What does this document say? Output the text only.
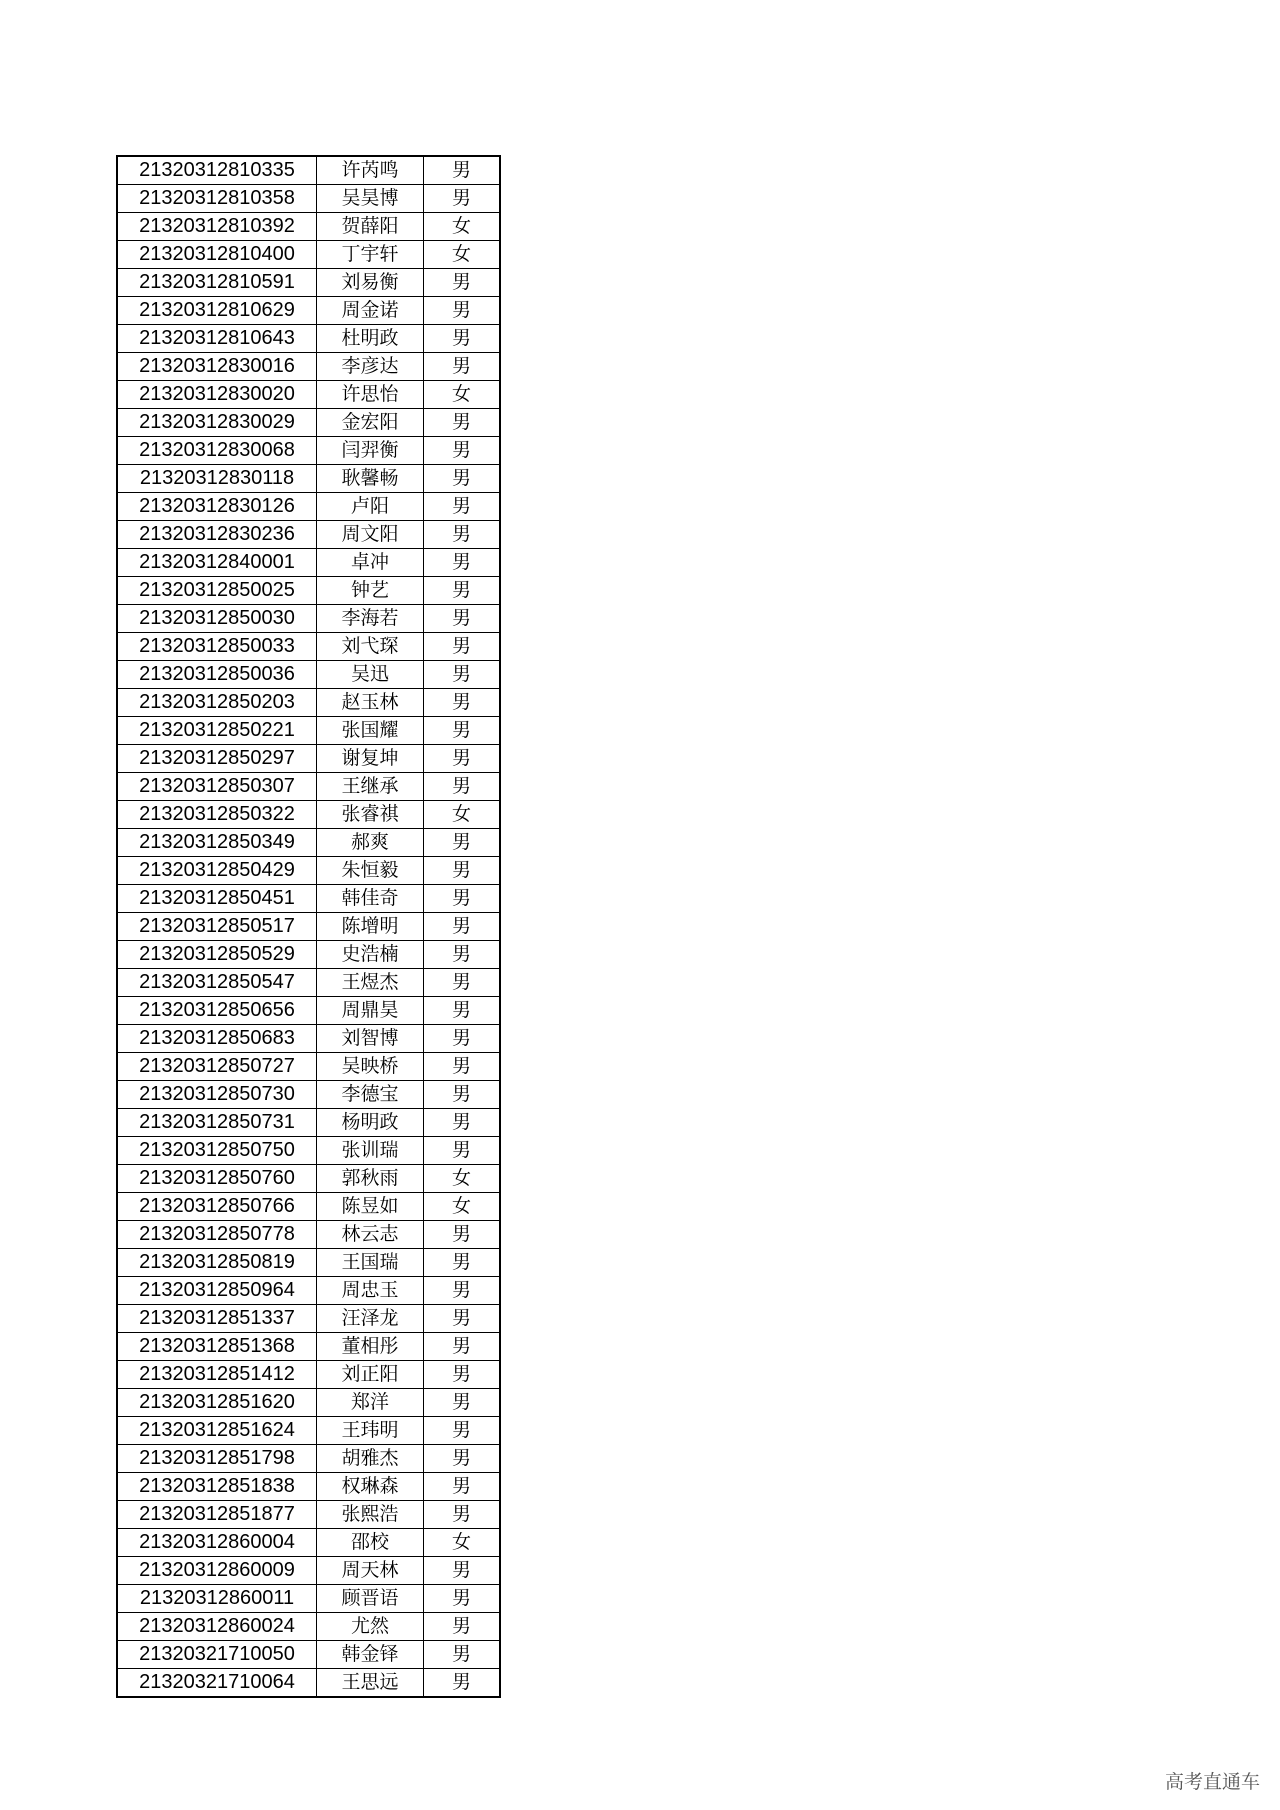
21320312810335	许芮鸣	男
21320312810358	吴昊博	男
21320312810392	贺薛阳	女
21320312810400	丁宇轩	女
21320312810591	刘易衡	男
21320312810629	周金诺	男
21320312810643	杜明政	男
21320312830016	李彦达	男
21320312830020	许思怡	女
21320312830029	金宏阳	男
21320312830068	闫羿衡	男
21320312830118	耿馨畅	男
21320312830126	卢阳	男
21320312830236	周文阳	男
21320312840001	卓冲	男
21320312850025	钟艺	男
21320312850030	李海若	男
21320312850033	刘弋琛	男
21320312850036	吴迅	男
21320312850203	赵玉林	男
21320312850221	张国耀	男
21320312850297	谢复坤	男
21320312850307	王继承	男
21320312850322	张睿祺	女
21320312850349	郝爽	男
21320312850429	朱恒毅	男
21320312850451	韩佳奇	男
21320312850517	陈增明	男
21320312850529	史浩楠	男
21320312850547	王煜杰	男
21320312850656	周鼎昊	男
21320312850683	刘智博	男
21320312850727	吴映桥	男
21320312850730	李德宝	男
21320312850731	杨明政	男
21320312850750	张训瑞	男
21320312850760	郭秋雨	女
21320312850766	陈昱如	女
21320312850778	林云志	男
21320312850819	王国瑞	男
21320312850964	周忠玉	男
21320312851337	汪泽龙	男
21320312851368	董相彤	男
21320312851412	刘正阳	男
21320312851620	郑洋	男
21320312851624	王玮明	男
21320312851798	胡雅杰	男
21320312851838	权琳森	男
21320312851877	张熙浩	男
21320312860004	邵校	女
21320312860009	周天林	男
21320312860011	顾晋语	男
21320312860024	尤然	男
21320321710050	韩金铎	男
21320321710064	王思远	男
高考直通车
